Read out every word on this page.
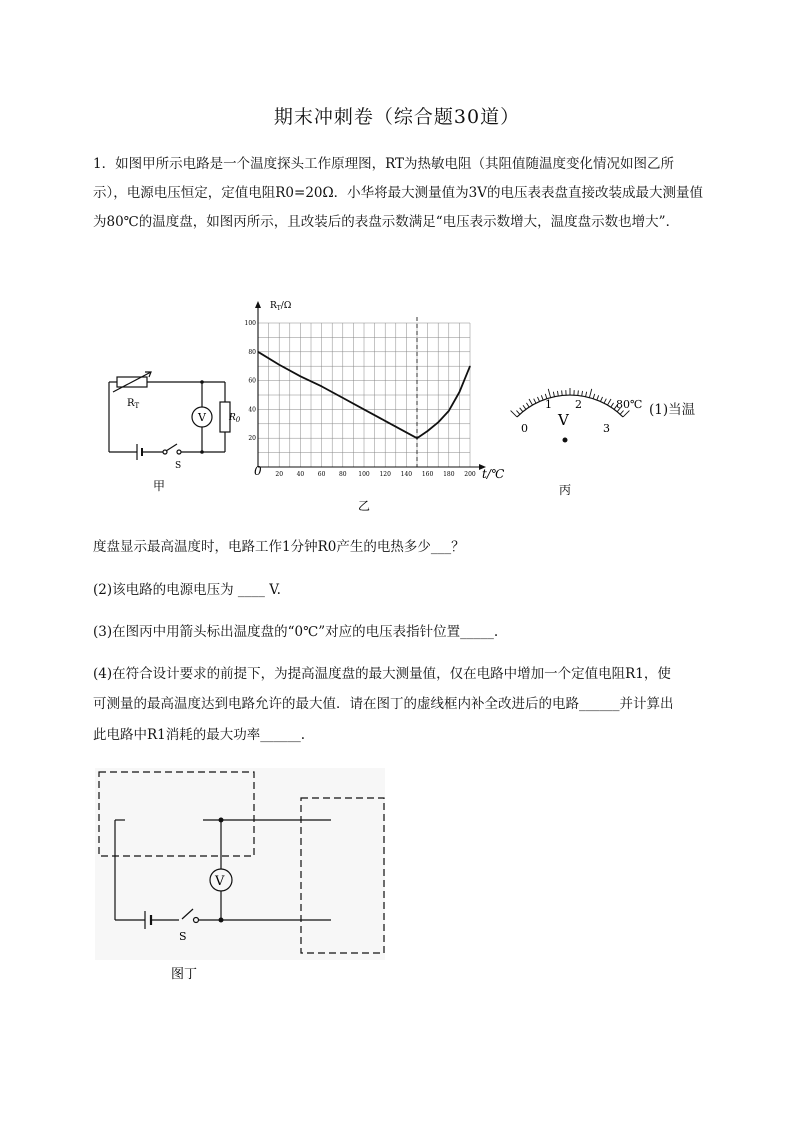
期末冲刺卷（综合题30道）
1．如图甲所示电路是一个温度探头工作原理图，RT为热敏电阻（其阻值随温度变化情况如图乙所示），电源电压恒定，定值电阻R0=20Ω．小华将最大测量值为3V的电压表表盘直接改装成最大测量值为80℃的温度盘，如图丙所示，且改装后的表盘示数满足“电压表示数增大，温度盘示数也增大”．
V
$R_T$
$R_0$
S
甲
20 40 60 80 100 120 140 160 180 200
20
40
60
80
100
$R_T/\Omega$
t/℃
0
乙
0
1 2
3
80℃
V
丙
(1)当温
度盘显示最高温度时，电路工作1分钟R0产生的电热多少___？
(2)该电路的电源电压为 ____ V.
(3)在图丙中用箭头标出温度盘的“0℃”对应的电压表指针位置_____.
(4)在符合设计要求的前提下，为提高温度盘的最大测量值，仅在电路中增加一个定值电阻R1，使
可测量的最高温度达到电路允许的最大值．请在图丁的虚线框内补全改进后的电路______并计算出
此电路中R1消耗的最大功率______.
V
S
图丁
